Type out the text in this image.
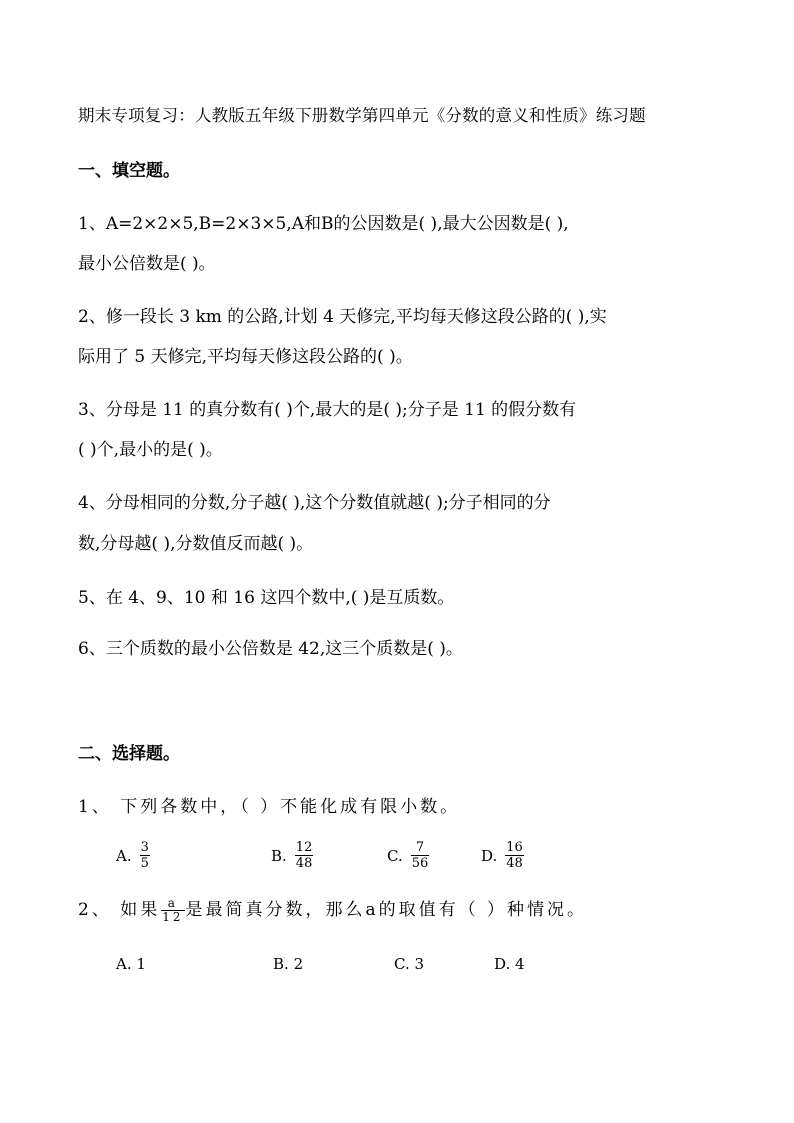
期末专项复习：人教版五年级下册数学第四单元《分数的意义和性质》练习题
一、填空题。
1、A=2×2×5,B=2×3×5,A和B的公因数是( ),最大公因数是( ),
最小公倍数是( )。
2、修一段长 3 km 的公路,计划 4 天修完,平均每天修这段公路的( ),实
际用了 5 天修完,平均每天修这段公路的( )。
3、分母是 11 的真分数有( )个,最大的是( );分子是 11 的假分数有
( )个,最小的是( )。
4、分母相同的分数,分子越( ),这个分数值就越( );分子相同的分
数,分母越( ),分数值反而越( )。
5、在 4、9、10 和 16 这四个数中,( )是互质数。
6、三个质数的最小公倍数是 42,这三个质数是( )。
二、选择题。
1、 下列各数中，（ ）不能化成有限小数。
A. $\frac{3}{5}$	B. $\frac{12}{48}$	C. $\frac{7}{56}$	D. $\frac{16}{48}$
2、 如果 $\frac{a}{12}$ 是最简真分数，那么a的取值有（ ）种情况。
A. 1	B. 2	C. 3	D. 4
